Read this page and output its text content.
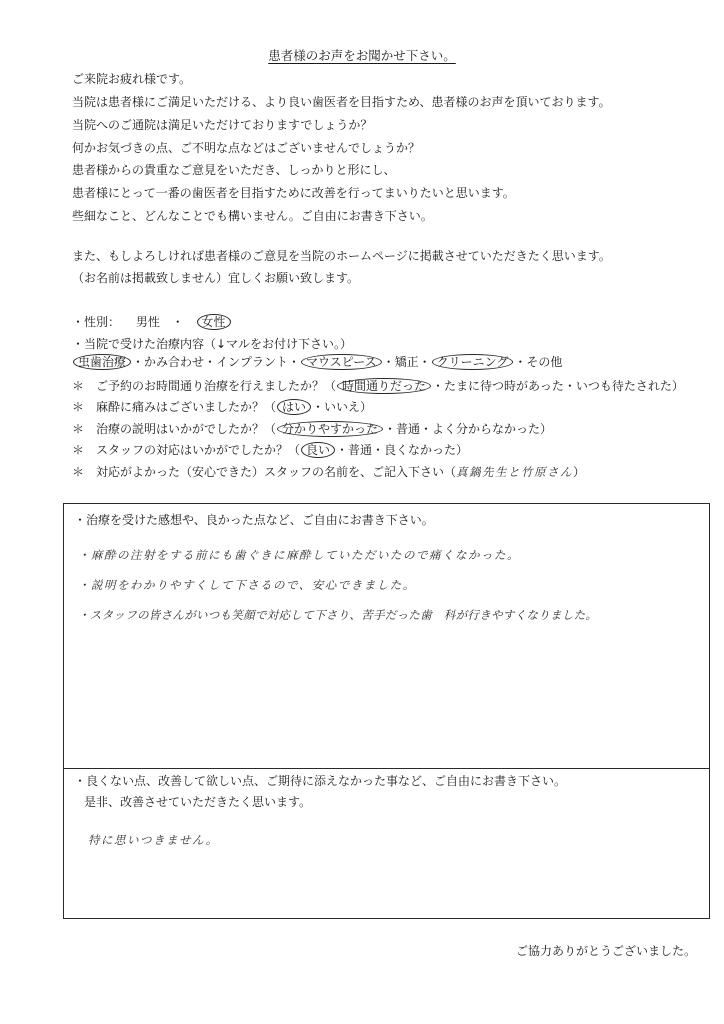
患者様のお声をお聞かせ下さい。
ご来院お疲れ様です。
当院は患者様にご満足いただける、より良い歯医者を目指すため、患者様のお声を頂いております。
当院へのご通院は満足いただけておりますでしょうか？
何かお気づきの点、ご不明な点などはございませんでしょうか？
患者様からの貴重なご意見をいただき、しっかりと形にし、
患者様にとって一番の歯医者を目指すために改善を行ってまいりたいと思います。
些細なこと、どんなことでも構いません。ご自由にお書き下さい。
また、もしよろしければ患者様のご意見を当院のホームページに掲載させていただきたく思います。
（お名前は掲載致しません）宜しくお願い致します。
・性別： 男性 ・ 女性
・当院で受けた治療内容（↓マルをお付け下さい。）
虫歯治療 ・かみ合わせ・インプラント・ マウスピース ・矯正・ クリーニング ・その他
＊　ご予約のお時間通り治療を行えましたか？（ 時間通りだった ・たまに待つ時があった・いつも待たされた）
＊　麻酔に痛みはございましたか？（ はい ・いいえ）
＊　治療の説明はいかがでしたか？（ 分かりやすかった ・普通・よく分からなかった）
＊　スタッフの対応はいかがでしたか？（ 良い ・普通・良くなかった）
＊　対応がよかった（安心できた）スタッフの名前を、ご記入下さい（真鍋先生と竹原さん）
・治療を受けた感想や、良かった点など、ご自由にお書き下さい。
・麻酔の注射をする前にも歯ぐきに麻酔していただいたので痛くなかった。
・説明をわかりやすくして下さるので、安心できました。
・スタッフの皆さんがいつも笑顔で対応して下さり、苦手だった歯　科が行きやすくなりました。
・良くない点、改善して欲しい点、ご期待に添えなかった事など、ご自由にお書き下さい。
是非、改善させていただきたく思います。
特に思いつきません。
ご協力ありがとうございました。
